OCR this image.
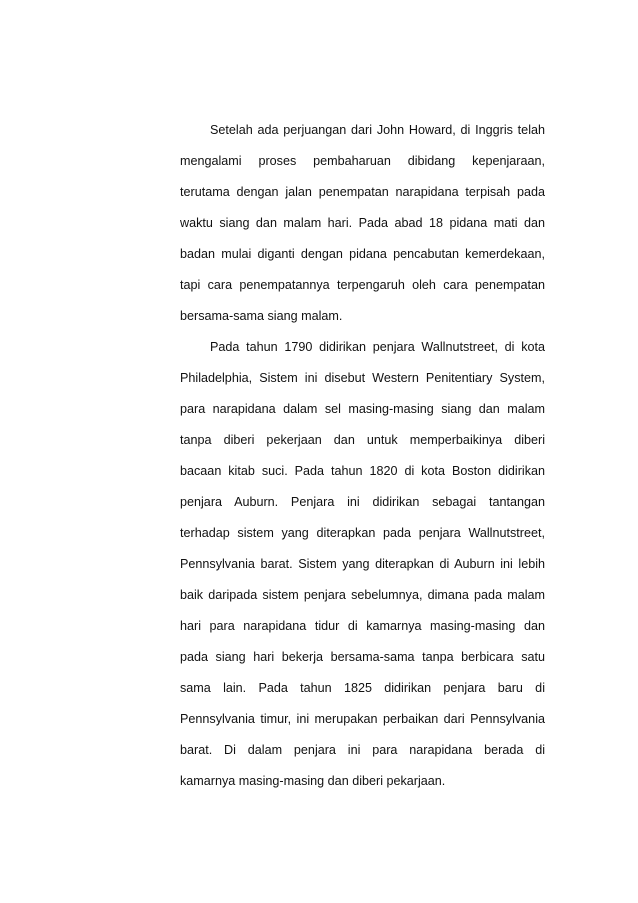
Setelah ada perjuangan dari John Howard, di Inggris telah
mengalami proses pembaharuan dibidang kepenjaraan,
terutama dengan jalan penempatan narapidana terpisah pada
waktu siang dan malam hari. Pada abad 18 pidana mati dan
badan mulai diganti dengan pidana pencabutan kemerdekaan,
tapi cara penempatannya terpengaruh oleh cara penempatan
bersama-sama siang malam.
Pada tahun 1790 didirikan penjara Wallnutstreet, di kota
Philadelphia, Sistem ini disebut Western Penitentiary System,
para narapidana dalam sel masing-masing siang dan malam
tanpa diberi pekerjaan dan untuk memperbaikinya diberi
bacaan kitab suci. Pada tahun 1820 di kota Boston didirikan
penjara Auburn. Penjara ini didirikan sebagai tantangan
terhadap sistem yang diterapkan pada penjara Wallnutstreet,
Pennsylvania barat. Sistem yang diterapkan di Auburn ini lebih
baik daripada sistem penjara sebelumnya, dimana pada malam
hari para narapidana tidur di kamarnya masing-masing dan
pada siang hari bekerja bersama-sama tanpa berbicara satu
sama lain. Pada tahun 1825 didirikan penjara baru di
Pennsylvania timur, ini merupakan perbaikan dari Pennsylvania
barat. Di dalam penjara ini para narapidana berada di
kamarnya masing-masing dan diberi pekarjaan.
